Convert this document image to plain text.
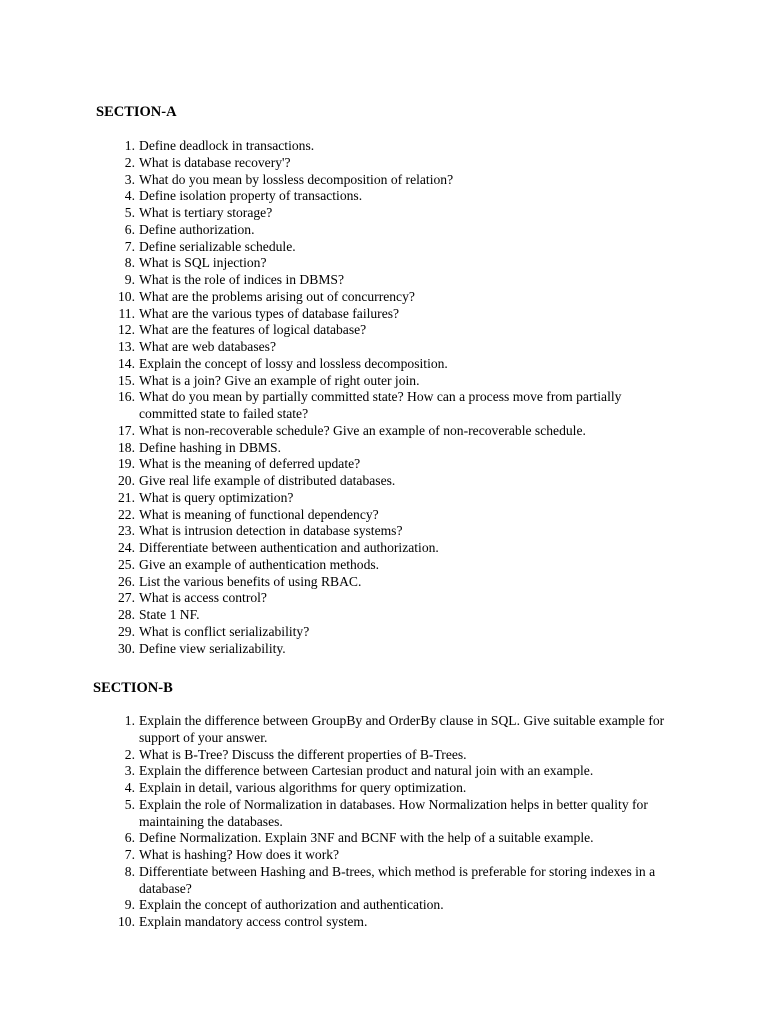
SECTION-A
1. Define deadlock in transactions.
2. What is database recovery'?
3. What do you mean by lossless decomposition of relation?
4. Define isolation property of transactions.
5. What is tertiary storage?
6. Define authorization.
7. Define serializable schedule.
8. What is SQL injection?
9. What is the role of indices in DBMS?
10. What are the problems arising out of concurrency?
11. What are the various types of database failures?
12. What are the features of logical database?
13. What are web databases?
14. Explain the concept of lossy and lossless decomposition.
15. What is a join? Give an example of right outer join.
16. What do you mean by partially committed state? How can a process move from partially committed state to failed state?
17. What is non-recoverable schedule? Give an example of non-recoverable schedule.
18. Define hashing in DBMS.
19. What is the meaning of deferred update?
20. Give real life example of distributed databases.
21. What is query optimization?
22. What is meaning of functional dependency?
23. What is intrusion detection in database systems?
24. Differentiate between authentication and authorization.
25. Give an example of authentication methods.
26. List the various benefits of using RBAC.
27. What is access control?
28. State 1 NF.
29. What is conflict serializability?
30. Define view serializability.
SECTION-B
1. Explain the difference between GroupBy and OrderBy clause in SQL. Give suitable example for support of your answer.
2. What is B-Tree? Discuss the different properties of B-Trees.
3. Explain the difference between Cartesian product and natural join with an example.
4. Explain in detail, various algorithms for query optimization.
5. Explain the role of Normalization in databases. How Normalization helps in better quality for maintaining the databases.
6. Define Normalization. Explain 3NF and BCNF with the help of a suitable example.
7. What is hashing? How does it work?
8. Differentiate between Hashing and B-trees, which method is preferable for storing indexes in a database?
9. Explain the concept of authorization and authentication.
10. Explain mandatory access control system.
